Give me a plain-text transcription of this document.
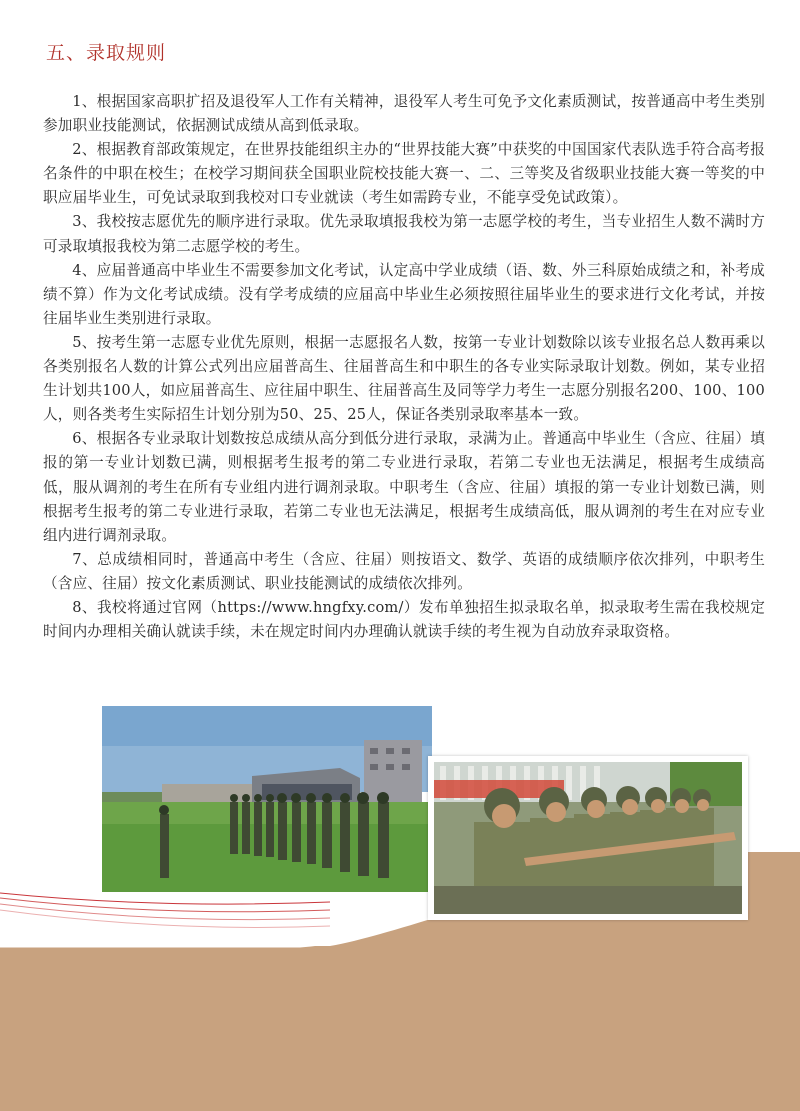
五、录取规则

1、根据国家高职扩招及退役军人工作有关精神，退役军人考生可免予文化素质测试，按普通高中考生类别参加职业技能测试，依据测试成绩从高到低录取。

2、根据教育部政策规定，在世界技能组织主办的“世界技能大赛”中获奖的中国国家代表队选手符合高考报名条件的中职在校生；在校学习期间获全国职业院校技能大赛一、二、三等奖及省级职业技能大赛一等奖的中职应届毕业生，可免试录取到我校对口专业就读（考生如需跨专业，不能享受免试政策）。

3、我校按志愿优先的顺序进行录取。优先录取填报我校为第一志愿学校的考生，当专业招生人数不满时方可录取填报我校为第二志愿学校的考生。

4、应届普通高中毕业生不需要参加文化考试，认定高中学业成绩（语、数、外三科原始成绩之和，补考成绩不算）作为文化考试成绩。没有学考成绩的应届高中毕业生必须按照往届毕业生的要求进行文化考试，并按往届毕业生类别进行录取。

5、按考生第一志愿专业优先原则，根据一志愿报名人数，按第一专业计划数除以该专业报名总人数再乘以各类别报名人数的计算公式列出应届普高生、往届普高生和中职生的各专业实际录取计划数。例如，某专业招生计划共100人，如应届普高生、应往届中职生、往届普高生及同等学力考生一志愿分别报名200、100、100人，则各类考生实际招生计划分别为50、25、25人，保证各类别录取率基本一致。

6、根据各专业录取计划数按总成绩从高分到低分进行录取，录满为止。普通高中毕业生（含应、往届）填报的第一专业计划数已满，则根据考生报考的第二专业进行录取，若第二专业也无法满足，根据考生成绩高低，服从调剂的考生在所有专业组内进行调剂录取。中职考生（含应、往届）填报的第一专业计划数已满，则根据考生报考的第二专业进行录取，若第二专业也无法满足，根据考生成绩高低，服从调剂的考生在对应专业组内进行调剂录取。

7、总成绩相同时，普通高中考生（含应、往届）则按语文、数学、英语的成绩顺序依次排列，中职考生（含应、往届）按文化素质测试、职业技能测试的成绩依次排列。

8、我校将通过官网（https://www.hngfxy.com/）发布单独招生拟录取名单，拟录取考生需在我校规定时间内办理相关确认就读手续，未在规定时间内办理确认就读手续的考生视为自动放弃录取资格。
